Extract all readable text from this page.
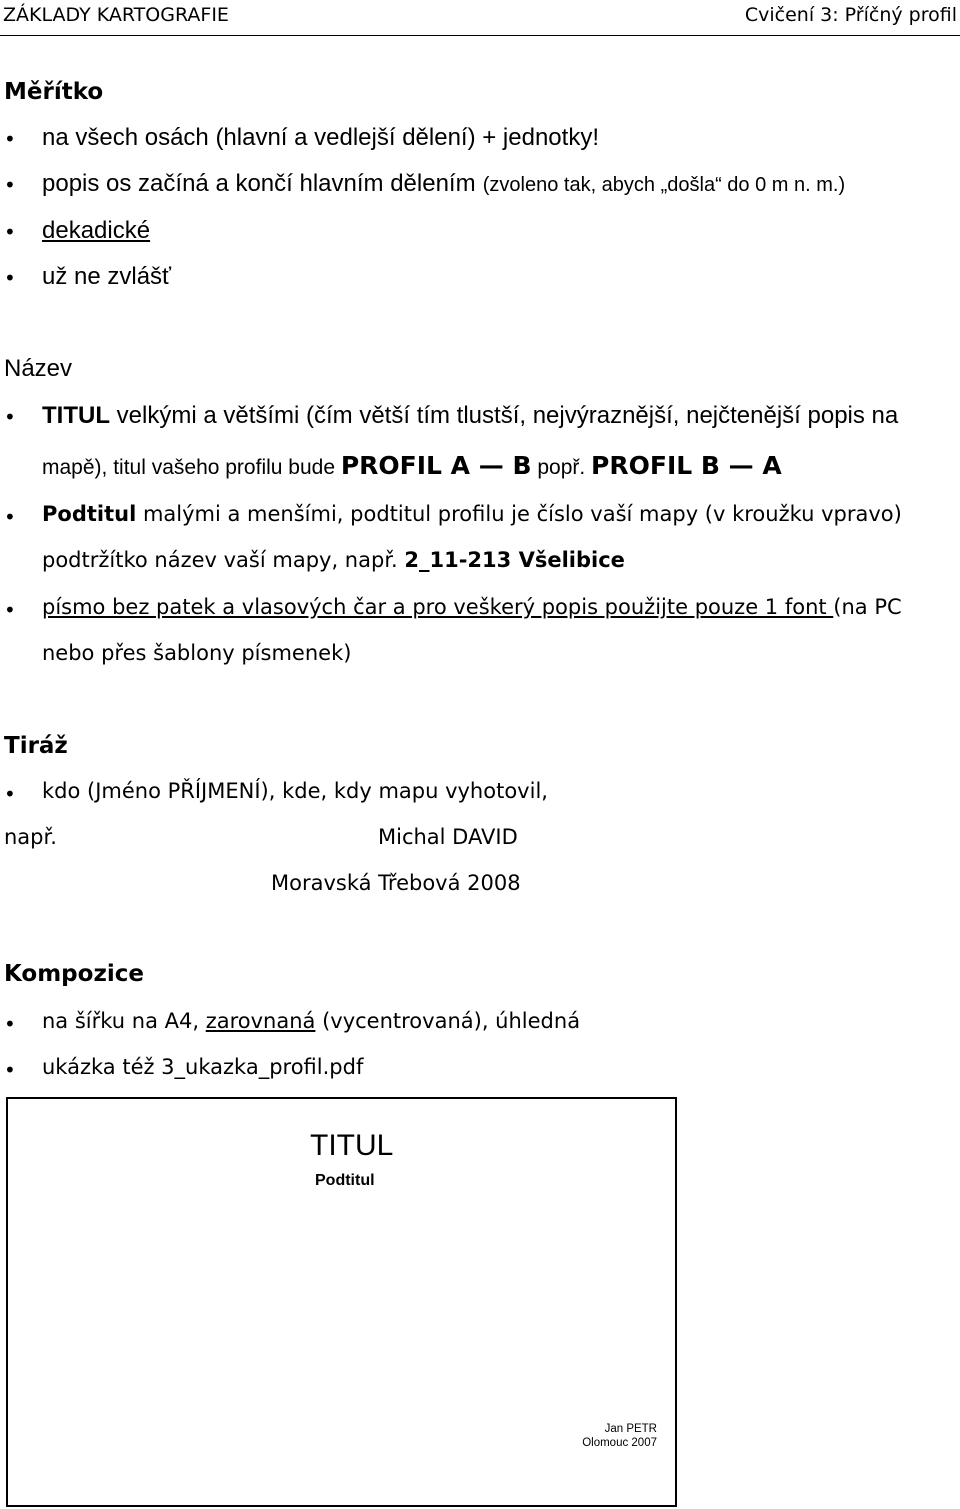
ZÁKLADY KARTOGRAFIE	Cvičení 3: Příčný profil
Měřítko
• na všech osách (hlavní a vedlejší dělení) + jednotky!
• popis os začíná a končí hlavním dělením (zvoleno tak, abych „došla“ do 0 m n. m.)
• dekadické
• už ne zvlášť
Název
• TITUL velkými a většími (čím větší tím tlustší, nejvýraznější, nejčtenější popis na
mapě), titul vašeho profilu bude PROFIL A — B popř. PROFIL B — A
• Podtitul malými a menšími, podtitul profilu je číslo vaší mapy (v kroužku vpravo)
podtržítko název vaší mapy, např. 2_11-213 Všelibice
• písmo bez patek a vlasových čar a pro veškerý popis použijte pouze 1 font (na PC
nebo přes šablony písmenek)
Tiráž
• kdo (Jméno PŘÍJMENÍ), kde, kdy mapu vyhotovil,
např.	Michal DAVID
Moravská Třebová 2008
Kompozice
• na šířku na A4, zarovnaná (vycentrovaná), úhledná
• ukázka též 3_ukazka_profil.pdf
TITUL
Podtitul
Jan PETR
Olomouc 2007
